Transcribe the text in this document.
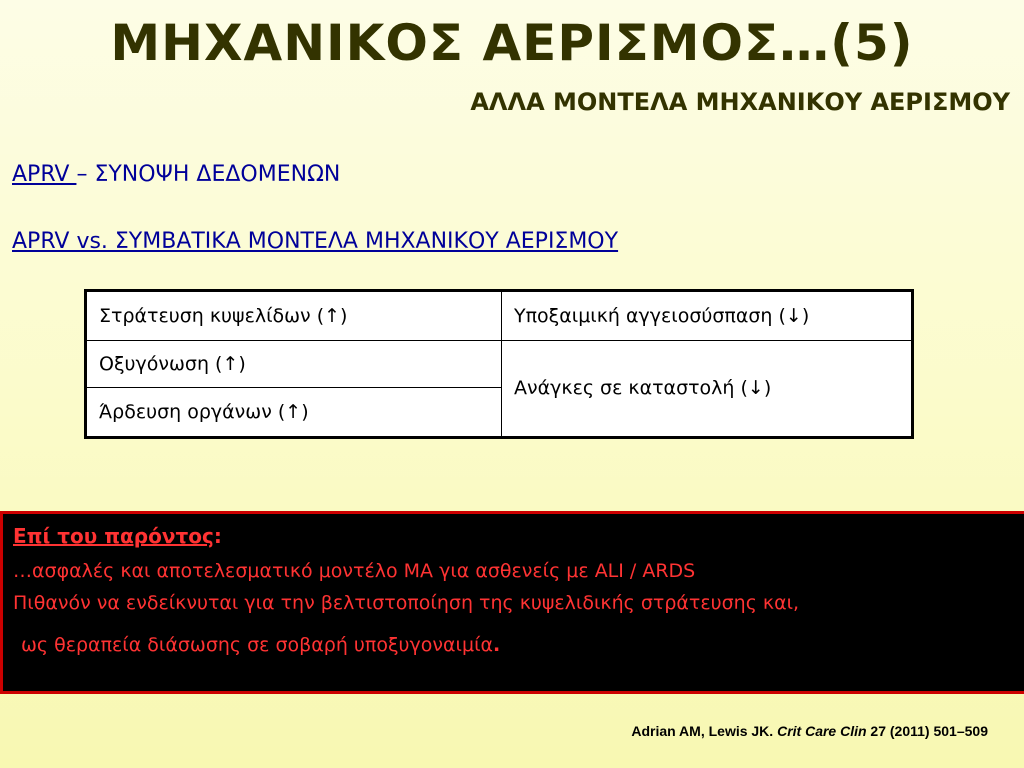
ΜΗΧΑΝΙΚΟΣ ΑΕΡΙΣΜΟΣ…(5)
ΑΛΛΑ ΜΟΝΤΕΛΑ ΜΗΧΑΝΙΚΟΥ ΑΕΡΙΣΜΟΥ
APRV – ΣΥΝΟΨΗ ΔΕΔΟΜΕΝΩΝ
APRV vs. ΣΥΜΒΑΤΙΚΑ ΜΟΝΤΕΛΑ ΜΗΧΑΝΙΚΟΥ ΑΕΡΙΣΜΟΥ
Στράτευση κυψελίδων (↑)	Υποξαιμική αγγειοσύσπαση (↓)
Οξυγόνωση (↑)	Ανάγκες σε καταστολή (↓)
Άρδευση οργάνων (↑)	
Επί του παρόντος:
…ασφαλές και αποτελεσματικό μοντέλο ΜΑ για ασθενείς με ALI / ARDS
Πιθανόν να ενδείκνυται για την βελτιστοποίηση της κυψελιδικής στράτευσης και,
ως θεραπεία διάσωσης σε σοβαρή υποξυγοναιμία.
Adrian AM, Lewis JK. Crit Care Clin 27 (2011) 501–509
